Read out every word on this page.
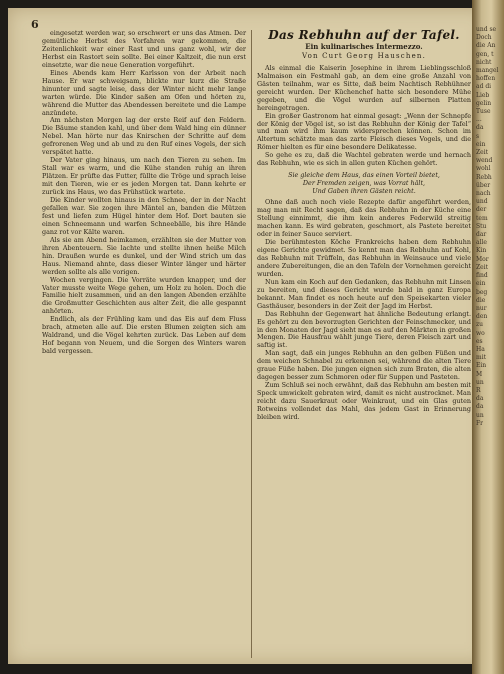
6

eingesetzt werden war, so erschwert er uns das Atmen. Der gemütliche Herbst des Vorfahren war gekommen, die Zeitenlichkeit war einer Rast und uns ganz wohl, wir der Herbst ein Rastort sein sollte. Bei einer Kaltzeit, die nun erst einsetzte, war die neue Generation vorgeführt.

Eines Abends kam Herr Karlsson von der Arbeit nach Hause. Er war schweigsam, blickte nur kurz die Straße hinunter und sagte leise, dass der Winter nicht mehr lange warten würde. Die Kinder saßen am Ofen und hörten zu, während die Mutter das Abendessen bereitete und die Lampe anzündete.

Am nächsten Morgen lag der erste Reif auf den Feldern. Die Bäume standen kahl, und über dem Wald hing ein dünner Nebel. Man hörte nur das Knirschen der Schritte auf dem gefrorenen Weg und ab und zu den Ruf eines Vogels, der sich verspätet hatte.

Der Vater ging hinaus, um nach den Tieren zu sehen. Im Stall war es warm, und die Kühe standen ruhig an ihren Plätzen. Er prüfte das Futter, füllte die Tröge und sprach leise mit den Tieren, wie er es jeden Morgen tat. Dann kehrte er zurück ins Haus, wo das Frühstück wartete.

Die Kinder wollten hinaus in den Schnee, der in der Nacht gefallen war. Sie zogen ihre Mäntel an, banden die Mützen fest und liefen zum Hügel hinter dem Hof. Dort bauten sie einen Schneemann und warfen Schneebälle, bis ihre Hände ganz rot vor Kälte waren.

Als sie am Abend heimkamen, erzählten sie der Mutter von ihren Abenteuern. Sie lachte und stellte ihnen heiße Milch hin. Draußen wurde es dunkel, und der Wind strich um das Haus. Niemand ahnte, dass dieser Winter länger und härter werden sollte als alle vorigen.

Wochen vergingen. Die Vorräte wurden knapper, und der Vater musste weite Wege gehen, um Holz zu holen. Doch die Familie hielt zusammen, und an den langen Abenden erzählte die Großmutter Geschichten aus alter Zeit, die alle gespannt anhörten.

Endlich, als der Frühling kam und das Eis auf dem Fluss brach, atmeten alle auf. Die ersten Blumen zeigten sich am Waldrand, und die Vögel kehrten zurück. Das Leben auf dem Hof begann von Neuem, und die Sorgen des Winters waren bald vergessen.

Das Rebhuhn auf der Tafel.
Ein kulinarisches Intermezzo.
Von Curt Georg Hauschen.

Als einmal die Kaiserin Josephine in ihrem Lieblingsschloß Malmaison ein Festmahl gab, an dem eine große Anzahl von Gästen teilnahm, war es Sitte, daß beim Nachtisch Rebhühner gereicht wurden. Der Küchenchef hatte sich besondere Mühe gegeben, und die Vögel wurden auf silbernen Platten hereingetragen.

Ein großer Gastronom hat einmal gesagt: „Wenn der Schnepfe der König der Vögel ist, so ist das Rebhuhn der König der Tafel“ und man wird ihm kaum widersprechen können. Schon im Altertum schätzte man das zarte Fleisch dieses Vogels, und die Römer hielten es für eine besondere Delikatesse.

So gehe es zu, daß die Wachtel gebraten werde und hernach das Rebhuhn, wie es sich in allen guten Küchen gehört.

Sie gleiche dem Haus, das einen Vorteil bietet,
Der Fremden zeigen, was Vorrat hält,
Und Gaben ihren Gästen reicht.

Ohne daß auch noch viele Rezepte dafür angeführt werden, mag man mit Recht sagen, daß das Rebhuhn in der Küche eine Stellung einnimmt, die ihm kein anderes Federwild streitig machen kann. Es wird gebraten, geschmort, als Pastete bereitet oder in feiner Sauce serviert.

Die berühmtesten Köche Frankreichs haben dem Rebhuhn eigene Gerichte gewidmet. So kennt man das Rebhuhn auf Kohl, das Rebhuhn mit Trüffeln, das Rebhuhn in Weinsauce und viele andere Zubereitungen, die an den Tafeln der Vornehmen gereicht wurden.

Nun kam ein Koch auf den Gedanken, das Rebhuhn mit Linsen zu bereiten, und dieses Gericht wurde bald in ganz Europa bekannt. Man findet es noch heute auf den Speisekarten vieler Gasthäuser, besonders in der Zeit der Jagd im Herbst.

Das Rebhuhn der Gegenwart hat ähnliche Bedeutung erlangt. Es gehört zu den bevorzugten Gerichten der Feinschmecker, und in den Monaten der Jagd sieht man es auf den Märkten in großen Mengen. Die Hausfrau wählt junge Tiere, deren Fleisch zart und saftig ist.

Man sagt, daß ein junges Rebhuhn an den gelben Füßen und dem weichen Schnabel zu erkennen sei, während die alten Tiere graue Füße haben. Die jungen eignen sich zum Braten, die alten dagegen besser zum Schmoren oder für Suppen und Pasteten.

Zum Schluß sei noch erwähnt, daß das Rebhuhn am besten mit Speck umwickelt gebraten wird, damit es nicht austrocknet. Man reicht dazu Sauerkraut oder Weinkraut, und ein Glas guten Rotweins vollendet das Mahl, das jedem Gast in Erinnerung bleiben wird.

und se
Doch
die An
gen, t
nicht
mangel
hoffen
ad di
Lieb
gelin
Tuse
...
da
s
ein
Zeit
wend
wohl
Rebh
über
nach
und
der
tem
Stu
dar
alle
Kin
Mor
Zeit
find
ein
beg
die
nur
den
zu
wo
es
Ha
mit
Ein
M
un
R
da
da
un
Fr
